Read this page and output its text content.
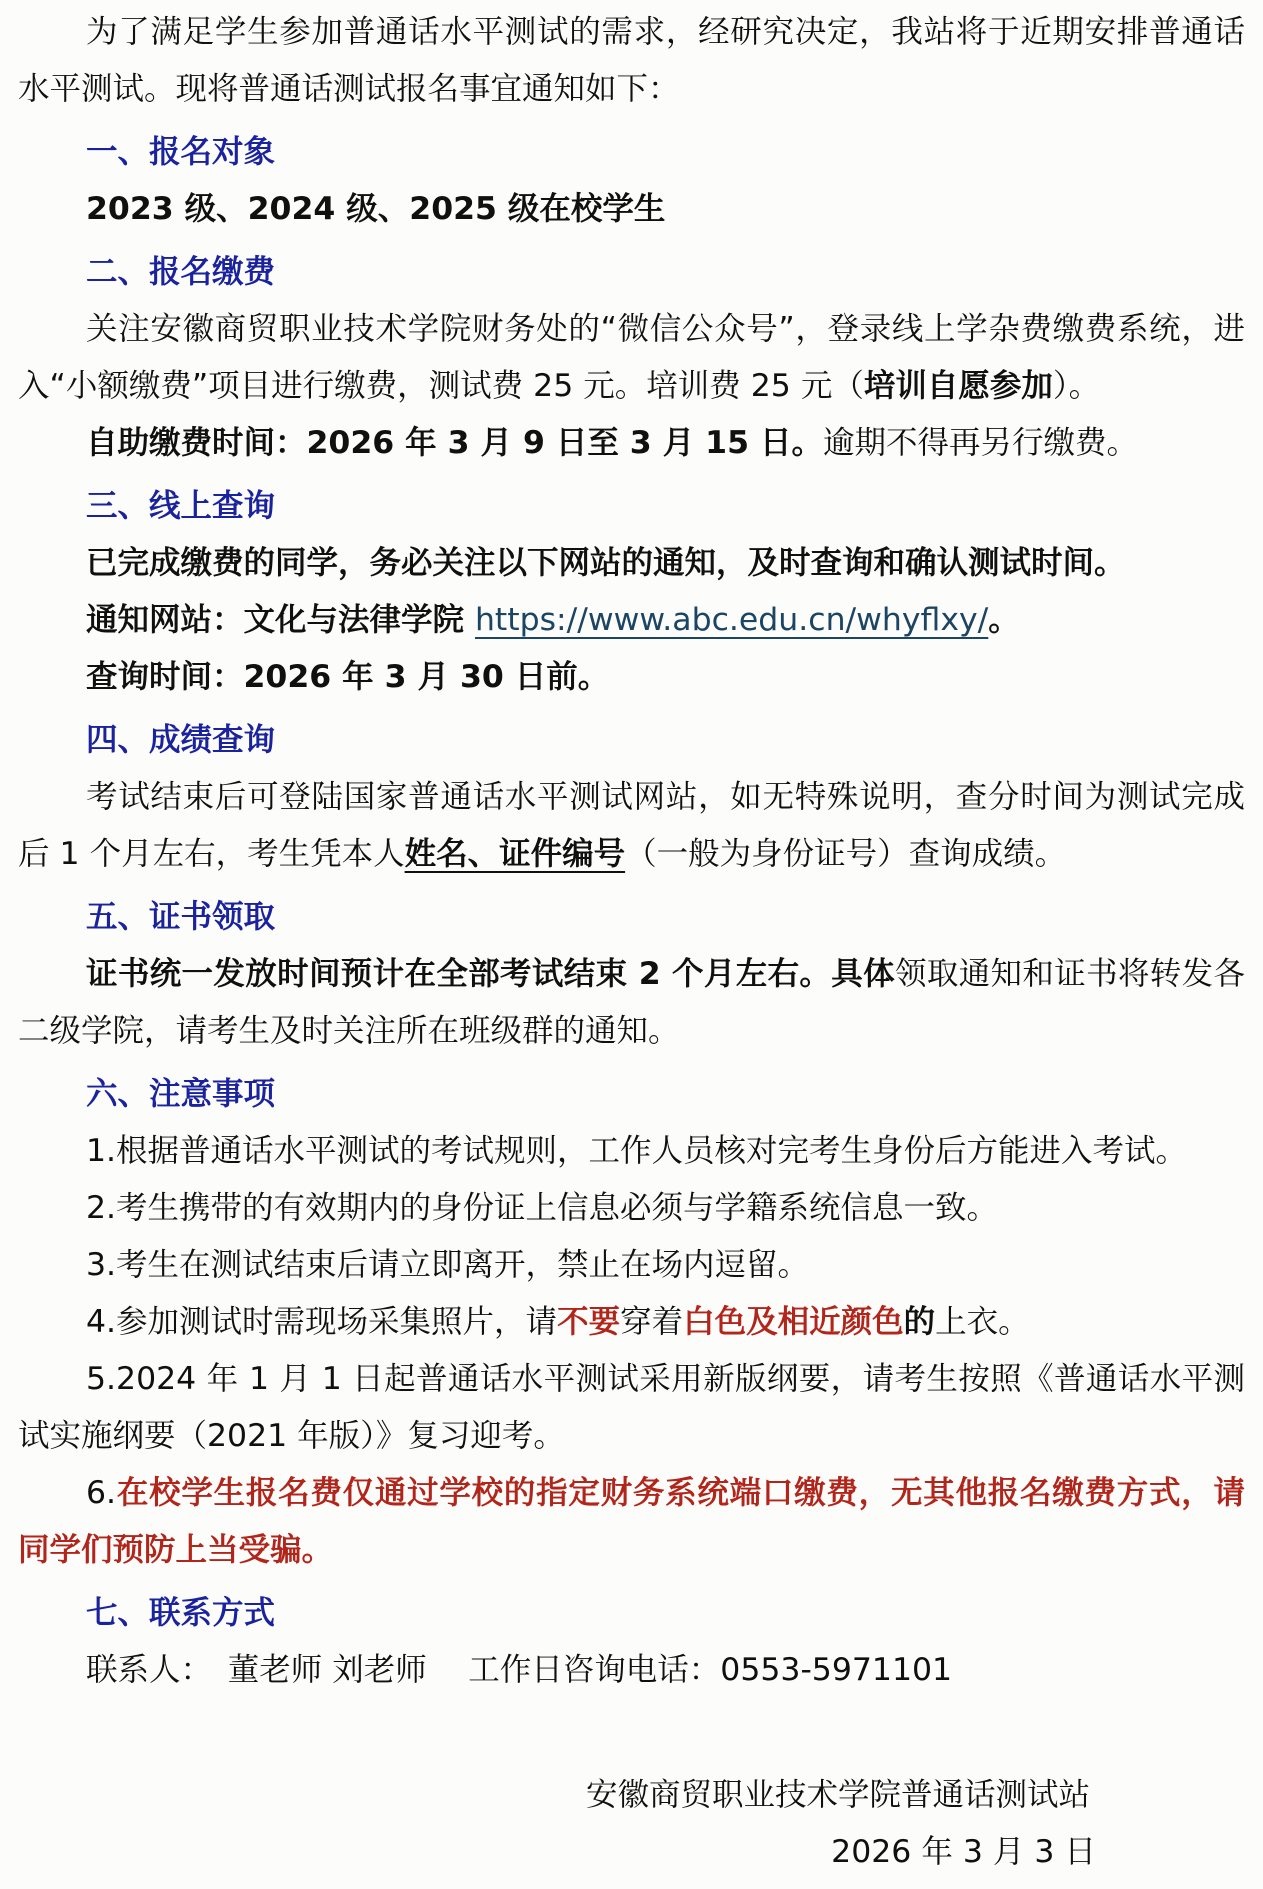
为了满足学生参加普通话水平测试的需求，经研究决定，我站将于近期安排普通话水平测试。现将普通话测试报名事宜通知如下：

一、报名对象

2023 级、2024 级、2025 级在校学生

二、报名缴费

关注安徽商贸职业技术学院财务处的“微信公众号”，登录线上学杂费缴费系统，进入“小额缴费”项目进行缴费，测试费 25 元。培训费 25 元（培训自愿参加）。

自助缴费时间：2026 年 3 月 9 日至 3 月 15 日。逾期不得再另行缴费。

三、线上查询

已完成缴费的同学，务必关注以下网站的通知，及时查询和确认测试时间。

通知网站：文化与法律学院 https://www.abc.edu.cn/whyflxy/。

查询时间：2026 年 3 月 30 日前。

四、成绩查询

考试结束后可登陆国家普通话水平测试网站，如无特殊说明，查分时间为测试完成后 1 个月左右，考生凭本人姓名、证件编号（一般为身份证号）查询成绩。

五、证书领取

证书统一发放时间预计在全部考试结束 2 个月左右。具体领取通知和证书将转发各二级学院，请考生及时关注所在班级群的通知。

六、注意事项

1.根据普通话水平测试的考试规则，工作人员核对完考生身份后方能进入考试。

2.考生携带的有效期内的身份证上信息必须与学籍系统信息一致。

3.考生在测试结束后请立即离开，禁止在场内逗留。

4.参加测试时需现场采集照片，请不要穿着白色及相近颜色的上衣。

5.2024 年 1 月 1 日起普通话水平测试采用新版纲要，请考生按照《普通话水平测试实施纲要（2021 年版）》复习迎考。

6.在校学生报名费仅通过学校的指定财务系统端口缴费，无其他报名缴费方式，请同学们预防上当受骗。

七、联系方式

联系人：　董老师 刘老师　 工作日咨询电话：0553-5971101

安徽商贸职业技术学院普通话测试站

2026 年 3 月 3 日
